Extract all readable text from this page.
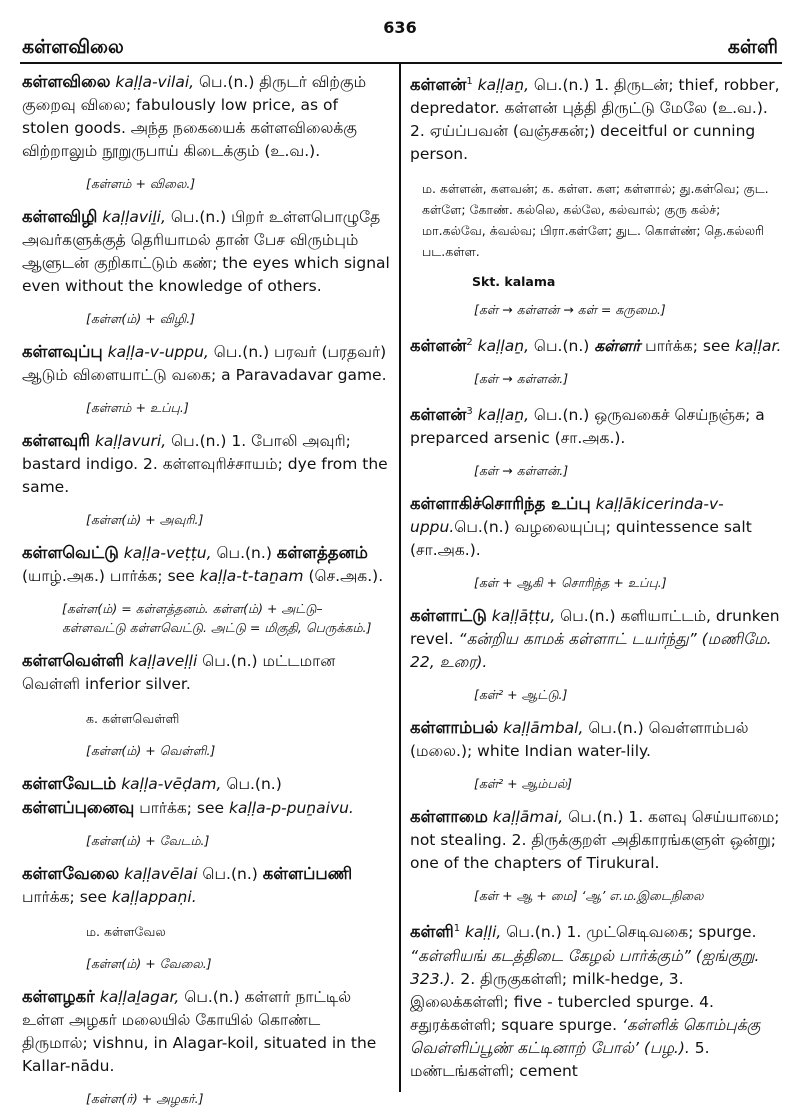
கள்ளவிலை
636
கள்ளி

கள்ளவிலை kaḷḷa-vilai, பெ.(n.) திருடர் விற்கும் குறைவு விலை; fabulously low price, as of stolen goods. அந்த நகையைக் கள்ளவிலைக்கு விற்றாலும் நூறுருபாய் கிடைக்கும் (உ.வ.).

[கள்ளம் + விலை.]

கள்ளவிழி kaḷḷaviḻi, பெ.(n.) பிறர் உள்ளபொழுதே அவர்களுக்குத் தெரியாமல் தான் பேச விரும்பும் ஆளுடன் குறிகாட்டும் கண்; the eyes which signal even without the knowledge of others.

[கள்ள(ம்) + விழி.]

கள்ளவுப்பு kaḷḷa-v-uppu, பெ.(n.) பரவர் (பரதவர்) ஆடும் விளையாட்டு வகை; a Paravadavar game.

[கள்ளம் + உப்பு.]

கள்ளவுரி kaḷḷavuri, பெ.(n.) 1. போலி அவுரி; bastard indigo. 2. கள்ளவுரிச்சாயம்; dye from the same.

[கள்ள(ம்) + அவுரி.]

கள்ளவெட்டு kaḷḷa-veṭṭu, பெ.(n.) கள்ளத்தனம் (யாழ்.அக.) பார்க்க; see kaḷḷa-t-taṉam (செ.அக.).

[கள்ள(ம்) = கள்ளத்தனம். கள்ள(ம்) + அட்டு– கள்ளவட்டு கள்ளவெட்டு. அட்டு = மிகுதி, பெருக்கம்.]

கள்ளவெள்ளி kaḷḷaveḷḷi பெ.(n.) மட்டமான வெள்ளி inferior silver.

க. கள்ளவெள்ளி

[கள்ள(ம்) + வெள்ளி.]

கள்ளவேடம் kaḷḷa-vēḍam, பெ.(n.) கள்ளப்புனைவு பார்க்க; see kaḷḷa-p-puṉaivu.

[கள்ள(ம்) + வேடம்.]

கள்ளவேலை kaḷḷavēlai பெ.(n.) கள்ளப்பணி பார்க்க; see kaḷḷappaṇi.

ம. கள்ளவேல

[கள்ள(ம்) + வேலை.]

கள்ளழகர் kaḷḷaḻagar, பெ.(n.) கள்ளர் நாட்டில் உள்ள அழகர் மலையில் கோயில் கொண்ட திருமால்; vishnu, in Alagar-koil, situated in the Kallar-nādu.

[கள்ள(ர்) + அழகர்.]

கள்ளன்$^1$ kaḷḷaṉ, பெ.(n.) 1. திருடன்; thief, robber, depredator. கள்ளன் புத்தி திருட்டு மேலே (உ.வ.). 2. ஏய்ப்பவன் (வஞ்சகன்;) deceitful or cunning person.

ம. கள்ளன், களவன்; க. கள்ள. கள; கள்ளால்; து.கள்வெ; குட. கள்ளே; கோண். கல்லெ, கல்லே, கல்வால்; குரு கல்ச்; மா.கல்வே, க்வல்வ; பிரா.கள்ளே; துட. கொள்ண்; தெ.கல்லரி பட.கள்ள.

Skt. kalama

[கள் → கள்ளன் → கள் = கருமை.]

கள்ளன்$^2$ kaḷḷaṉ, பெ.(n.) கள்ளர் பார்க்க; see kaḷḷar.

[கள் → கள்ளன்.]

கள்ளன்$^3$ kaḷḷaṉ, பெ.(n.) ஒருவகைச் செய்நஞ்சு; a preparced arsenic (சா.அக.).

[கள் → கள்ளன்.]

கள்ளாகிச்சொரிந்த உப்பு kaḷḷākicerinda-v-uppu.பெ.(n.) வழலையுப்பு; quintessence salt (சா.அக.).

[கள் + ஆகி + சொரிந்த + உப்பு.]

கள்ளாட்டு kaḷḷāṭṭu, பெ.(n.) களியாட்டம், drunken revel. “கன்றிய காமக் கள்ளாட் டயர்ந்து” (மணிமே. 22, உரை).

[கள்² + ஆட்டு.]

கள்ளாம்பல் kaḷḷāmbal, பெ.(n.) வெள்ளாம்பல் (மலை.); white Indian water-lily.

[கள்² + ஆம்பல்]

கள்ளாமை kaḷḷāmai, பெ.(n.) 1. களவு செய்யாமை; not stealing. 2. திருக்குறள் அதிகாரங்களுள் ஒன்று; one of the chapters of Tirukural.

[கள் + ஆ + மை] ‘ஆ’ எ.ம.இடைநிலை

கள்ளி$^1$ kaḷḷi, பெ.(n.) 1. முட்செடிவகை; spurge. “கள்ளியங் கடத்திடை கேழல் பார்க்கும்” (ஐங்குறு. 323.). 2. திருகுகள்ளி; milk-hedge, 3. இலைக்கள்ளி; five - tubercled spurge. 4. சதுரக்கள்ளி; square spurge. ‘கள்ளிக் கொம்புக்கு வெள்ளிப்பூண் கட்டினாற் போல்’ (பழ.). 5. மண்டங்கள்ளி; cement
